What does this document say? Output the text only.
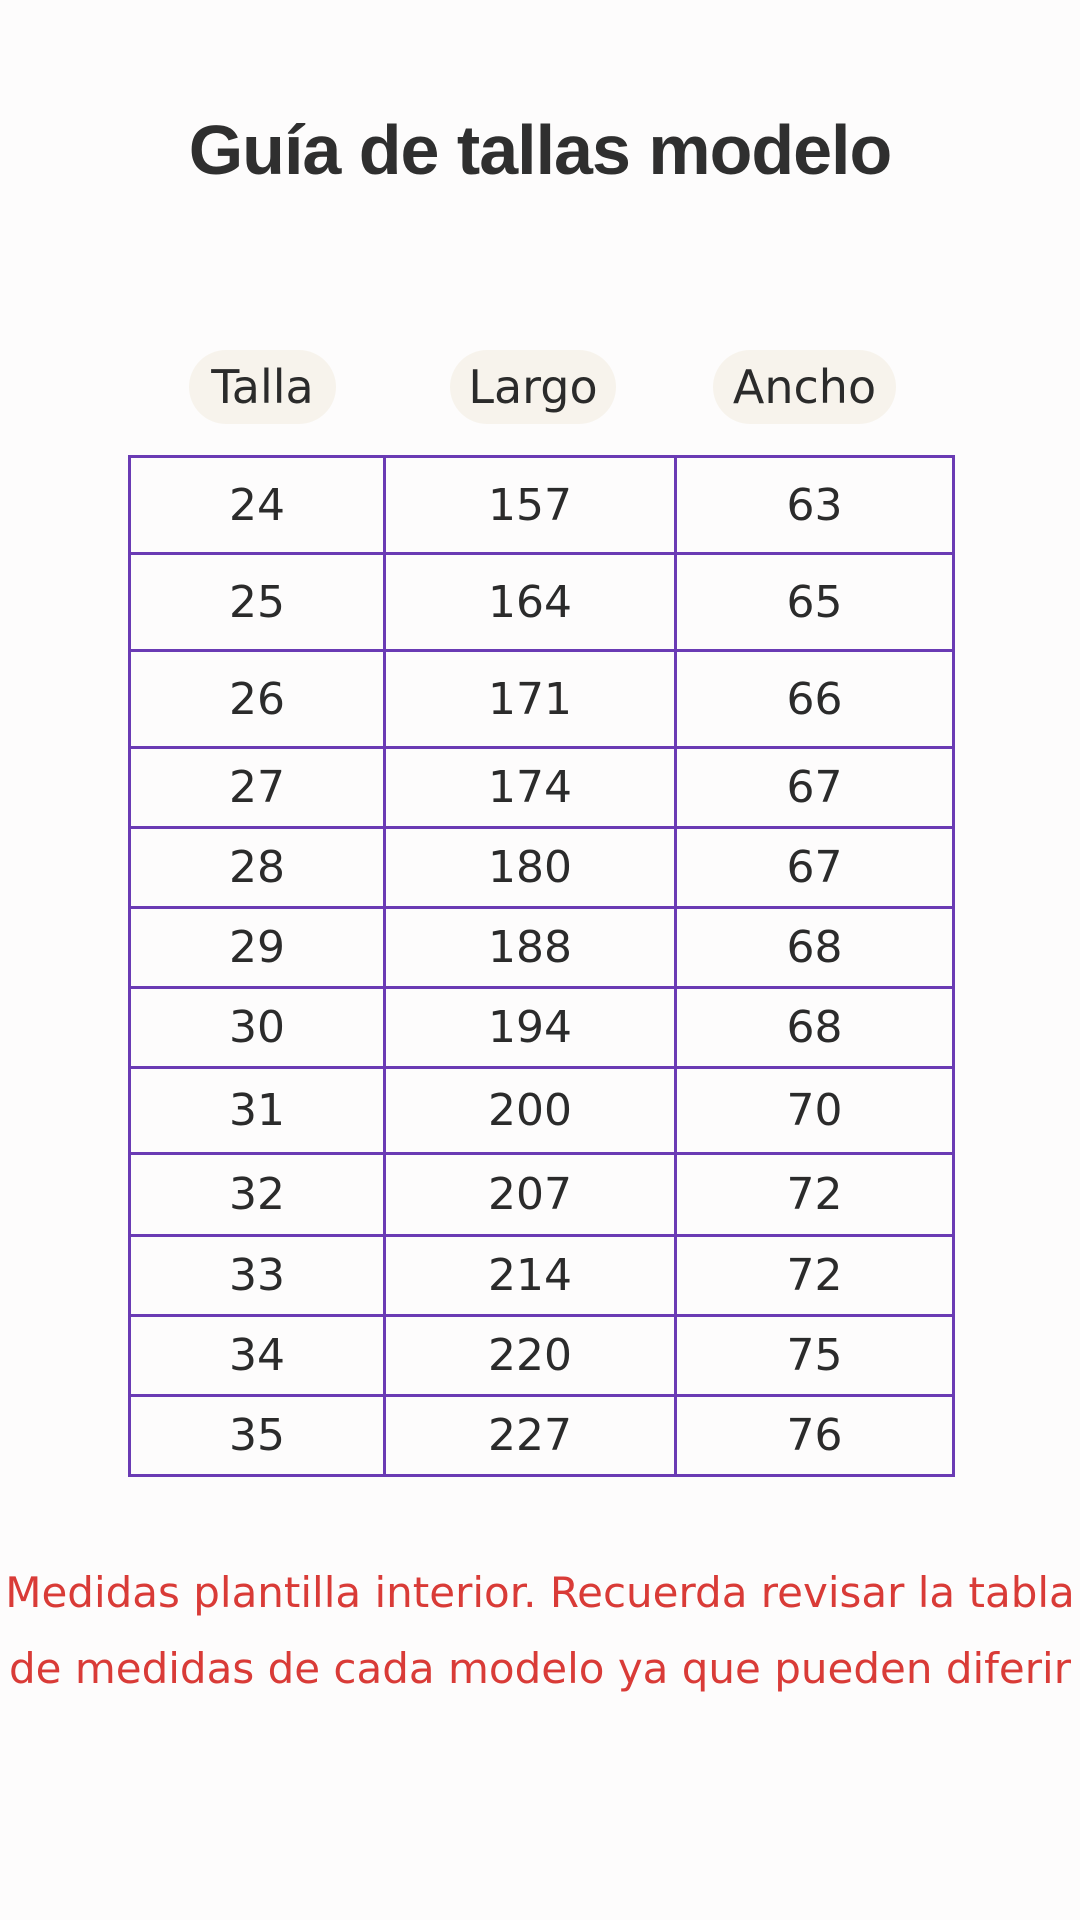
Guía de tallas modelo
Talla	Largo	Ancho
24	157	63
25	164	65
26	171	66
27	174	67
28	180	67
29	188	68
30	194	68
31	200	70
32	207	72
33	214	72
34	220	75
35	227	76
Medidas plantilla interior. Recuerda revisar la tabla de medidas de cada modelo ya que pueden diferir
